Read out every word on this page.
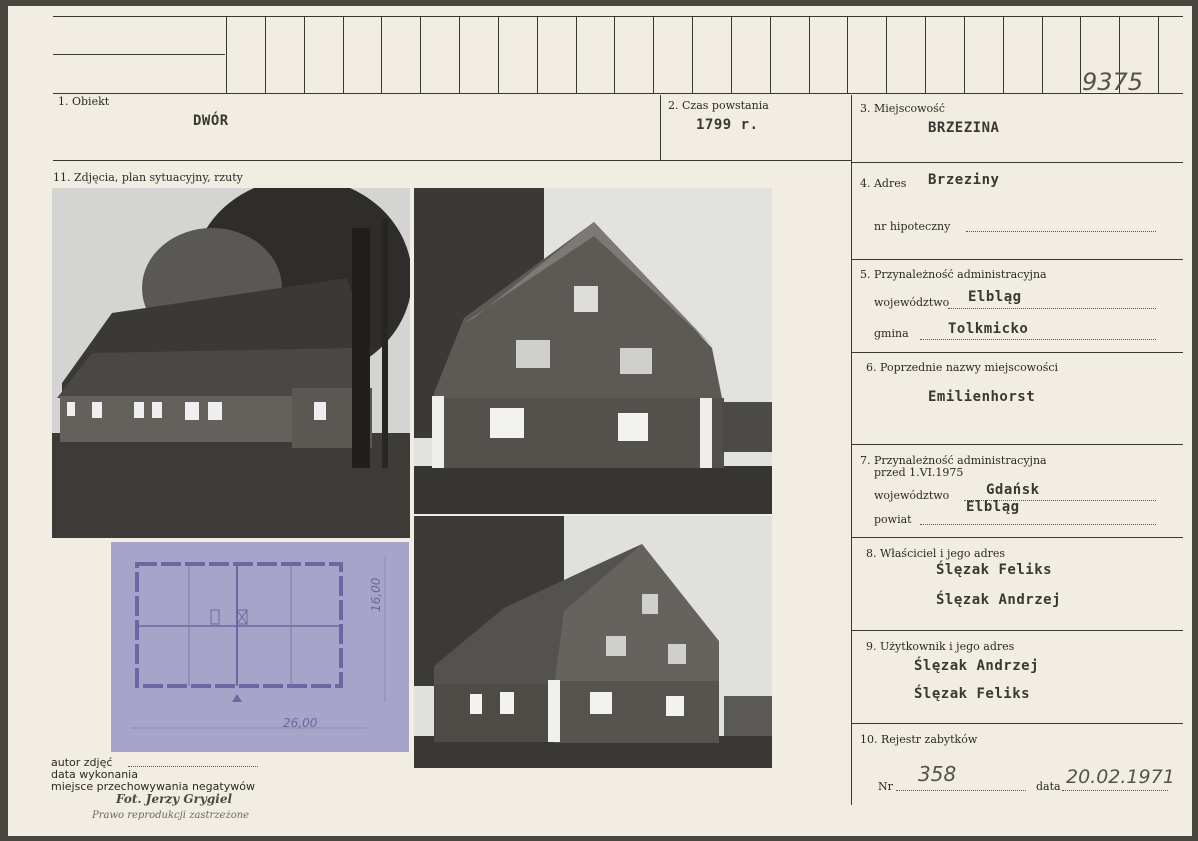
9375
1. Obiekt
DWÓR
2. Czas powstania
1799 r.
3. Miejscowość
BRZEZINA
4. Adres Brzeziny
nr hipoteczny
5. Przynależność administracyjna
województwo Elbląg
gmina	Tolkmicko
6. Poprzednie nazwy miejscowości
Emilienhorst
7. Przynależność administracyjna
przed 1.VI.1975
województwo	Gdańsk
powiat
Elbląg
8. Właściciel i jego adres
Ślęzak Feliks
Ślęzak Andrzej
9. Użytkownik i jego adres
Ślęzak Andrzej
Ślęzak Feliks
10. Rejestr zabytków
Nr
358
data 20.02.1971
11. Zdjęcia, plan sytuacyjny, rzuty
26,00
16,00
autor zdjęć
data wykonania
miejsce przechowywania negatywów
Fot. Jerzy Grygiel
Prawo reprodukcji zastrzeżone
